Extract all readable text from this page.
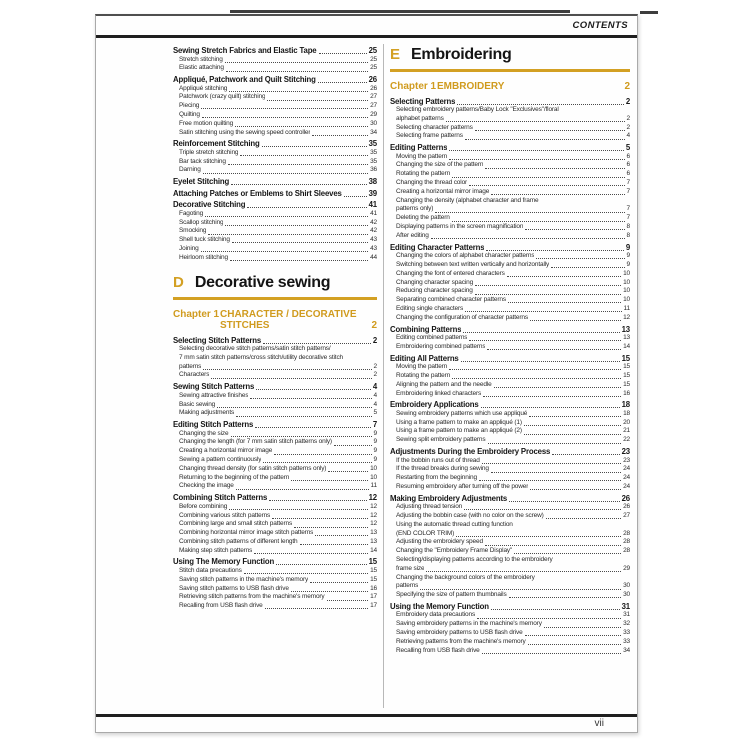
CONTENTS
Sewing Stretch Fabrics and Elastic Tape	25
Stretch stitching	25
Elastic attaching	25
Appliqué, Patchwork and Quilt Stitching	26
Appliqué stitching	26
Patchwork (crazy quilt) stitching	27
Piecing	27
Quilting	29
Free motion quilting	30
Satin stitching using the sewing speed controller	34
Reinforcement Stitching	35
Triple stretch stitching	35
Bar tack stitching	35
Darning	36
Eyelet Stitching	38
Attaching Patches or Emblems to Shirt Sleeves	39
Decorative Stitching	41
Fagoting	41
Scallop stitching	42
Smocking	42
Shell tuck stitching	43
Joining	43
Heirloom stitching	44
D Decorative sewing
Chapter 1 CHARACTER / DECORATIVE
STITCHES	2
Selecting Stitch Patterns	2
Selecting decorative stitch patterns/satin stitch patterns/
7 mm satin stitch patterns/cross stitch/utility decorative stitch
patterns	2
Characters	2
Sewing Stitch Patterns	4
Sewing attractive finishes	4
Basic sewing	4
Making adjustments	5
Editing Stitch Patterns	7
Changing the size	9
Changing the length (for 7 mm satin stitch patterns only)	9
Creating a horizontal mirror image	9
Sewing a pattern continuously	9
Changing thread density (for satin stitch patterns only)	10
Returning to the beginning of the pattern	10
Checking the image	11
Combining Stitch Patterns	12
Before combining	12
Combining various stitch patterns	12
Combining large and small stitch patterns	12
Combining horizontal mirror image stitch patterns	13
Combining stitch patterns of different length	13
Making step stitch patterns	14
Using The Memory Function	15
Stitch data precautions	15
Saving stitch patterns in the machine's memory	15
Saving stitch patterns to USB flash drive	16
Retrieving stitch patterns from the machine's memory	17
Recalling from USB flash drive	17
E Embroidering
Chapter 1 EMBROIDERY	2
Selecting Patterns	2
Selecting embroidery patterns/Baby Lock "Exclusives"/floral
alphabet patterns	2
Selecting character patterns	2
Selecting frame patterns	4
Editing Patterns	5
Moving the pattern	6
Changing the size of the pattern	6
Rotating the pattern	6
Changing the thread color	7
Creating a horizontal mirror image	7
Changing the density (alphabet character and frame
patterns only)	7
Deleting the pattern	7
Displaying patterns in the screen magnification	8
After editing	8
Editing Character Patterns	9
Changing the colors of alphabet character patterns	9
Switching between text written vertically and horizontally	9
Changing the font of entered characters	10
Changing character spacing	10
Reducing character spacing	10
Separating combined character patterns	10
Editing single characters	11
Changing the configuration of character patterns	12
Combining Patterns	13
Editing combined patterns	13
Embroidering combined patterns	14
Editing All Patterns	15
Moving the pattern	15
Rotating the pattern	15
Aligning the pattern and the needle	15
Embroidering linked characters	16
Embroidery Applications	18
Sewing embroidery patterns which use appliqué	18
Using a frame pattern to make an appliqué (1)	20
Using a frame pattern to make an appliqué (2)	21
Sewing split embroidery patterns	22
Adjustments During the Embroidery Process	23
If the bobbin runs out of thread	23
If the thread breaks during sewing	24
Restarting from the beginning	24
Resuming embroidery after turning off the power	24
Making Embroidery Adjustments	26
Adjusting thread tension	26
Adjusting the bobbin case (with no color on the screw)	27
Using the automatic thread cutting function
(END COLOR TRIM)	28
Adjusting the embroidery speed	28
Changing the "Embroidery Frame Display"	28
Selecting/displaying patterns according to the embroidery
frame size	29
Changing the background colors of the embroidery
patterns	30
Specifying the size of pattern thumbnails	30
Using the Memory Function	31
Embroidery data precautions	31
Saving embroidery patterns in the machine's memory	32
Saving embroidery patterns to USB flash drive	33
Retrieving patterns from the machine's memory	33
Recalling from USB flash drive	34
vii
